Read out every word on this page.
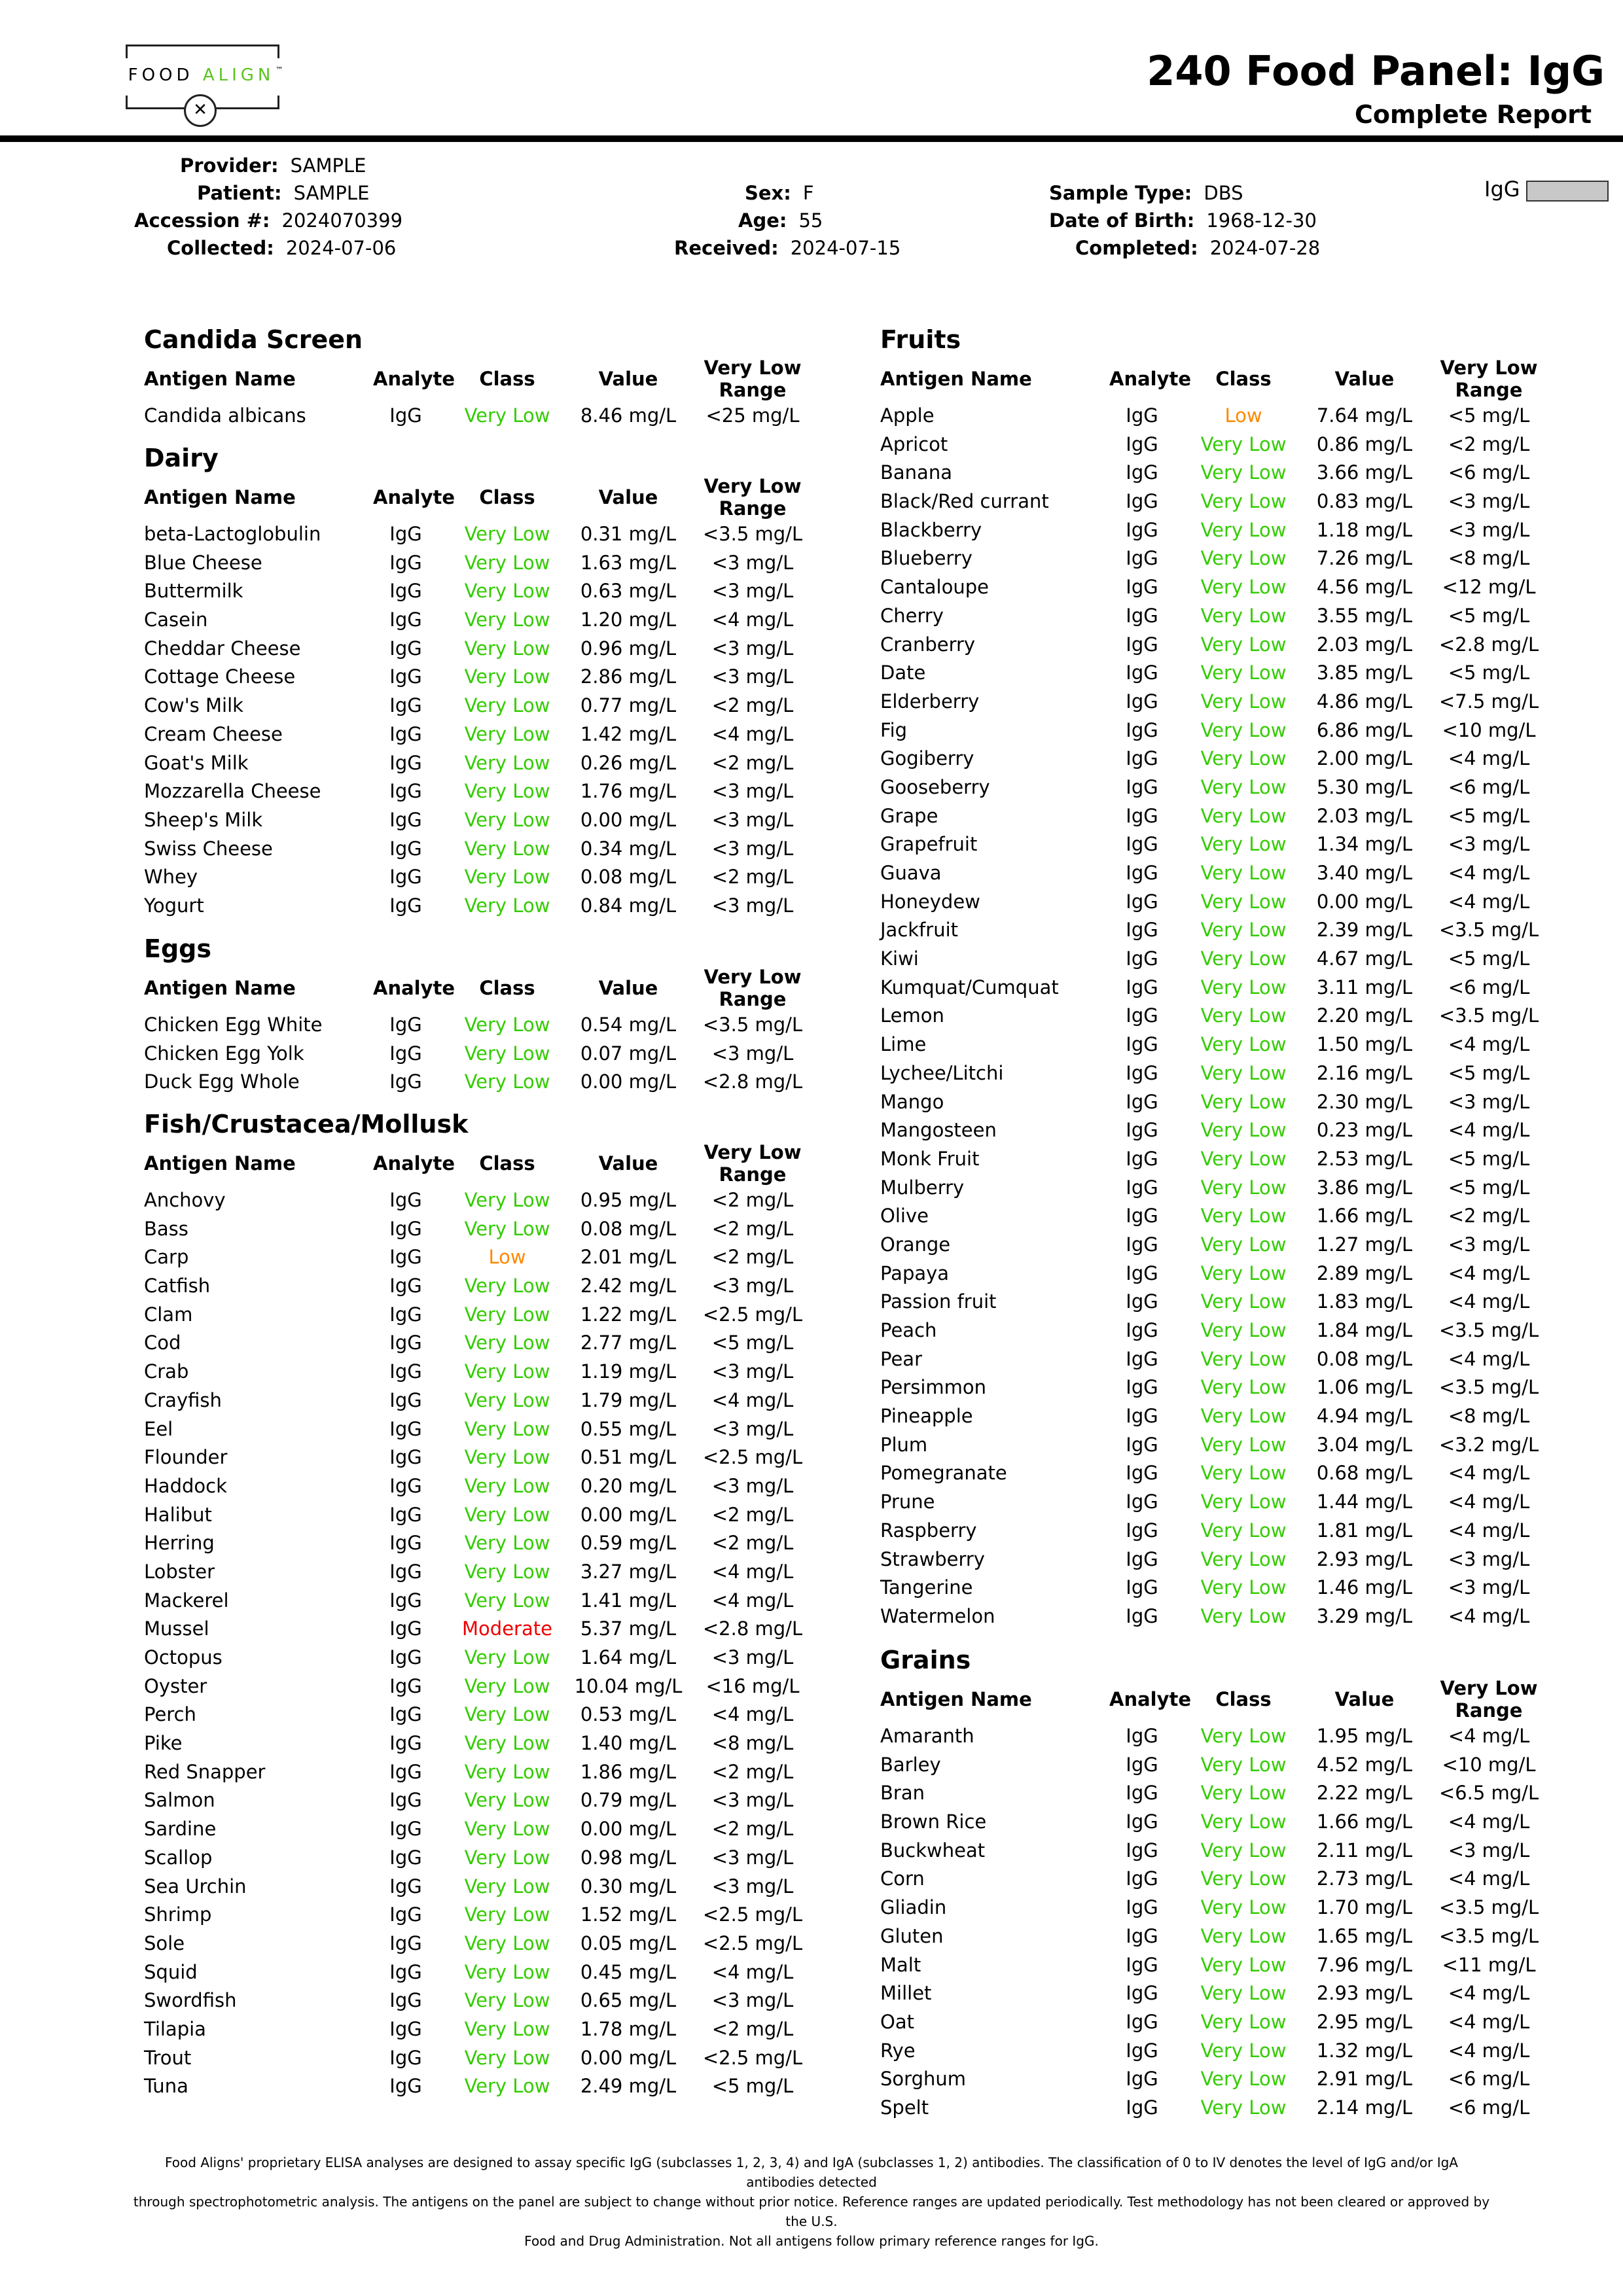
FOOD ALIGN ™
✕
240 Food Panel: IgG
Complete Report
Provider: SAMPLE
Patient: SAMPLE
Accession #: 2024070399
Collected: 2024-07-06
Sex: F
Age: 55
Received: 2024-07-15
Sample Type: DBS
Date of Birth: 1968-12-30
Completed: 2024-07-28
IgG
Candida Screen
Antigen Name	Analyte	Class	Value	Very Low
Range
Candida albicans	IgG	Very Low	8.46 mg/L	<25 mg/L
Dairy
Antigen Name	Analyte	Class	Value	Very Low
Range
beta-Lactoglobulin	IgG	Very Low	0.31 mg/L	<3.5 mg/L
Blue Cheese	IgG	Very Low	1.63 mg/L	<3 mg/L
Buttermilk	IgG	Very Low	0.63 mg/L	<3 mg/L
Casein	IgG	Very Low	1.20 mg/L	<4 mg/L
Cheddar Cheese	IgG	Very Low	0.96 mg/L	<3 mg/L
Cottage Cheese	IgG	Very Low	2.86 mg/L	<3 mg/L
Cow's Milk	IgG	Very Low	0.77 mg/L	<2 mg/L
Cream Cheese	IgG	Very Low	1.42 mg/L	<4 mg/L
Goat's Milk	IgG	Very Low	0.26 mg/L	<2 mg/L
Mozzarella Cheese	IgG	Very Low	1.76 mg/L	<3 mg/L
Sheep's Milk	IgG	Very Low	0.00 mg/L	<3 mg/L
Swiss Cheese	IgG	Very Low	0.34 mg/L	<3 mg/L
Whey	IgG	Very Low	0.08 mg/L	<2 mg/L
Yogurt	IgG	Very Low	0.84 mg/L	<3 mg/L
Eggs
Antigen Name	Analyte	Class	Value	Very Low
Range
Chicken Egg White	IgG	Very Low	0.54 mg/L	<3.5 mg/L
Chicken Egg Yolk	IgG	Very Low	0.07 mg/L	<3 mg/L
Duck Egg Whole	IgG	Very Low	0.00 mg/L	<2.8 mg/L
Fish/Crustacea/Mollusk
Antigen Name	Analyte	Class	Value	Very Low
Range
Anchovy	IgG	Very Low	0.95 mg/L	<2 mg/L
Bass	IgG	Very Low	0.08 mg/L	<2 mg/L
Carp	IgG	Low	2.01 mg/L	<2 mg/L
Catfish	IgG	Very Low	2.42 mg/L	<3 mg/L
Clam	IgG	Very Low	1.22 mg/L	<2.5 mg/L
Cod	IgG	Very Low	2.77 mg/L	<5 mg/L
Crab	IgG	Very Low	1.19 mg/L	<3 mg/L
Crayfish	IgG	Very Low	1.79 mg/L	<4 mg/L
Eel	IgG	Very Low	0.55 mg/L	<3 mg/L
Flounder	IgG	Very Low	0.51 mg/L	<2.5 mg/L
Haddock	IgG	Very Low	0.20 mg/L	<3 mg/L
Halibut	IgG	Very Low	0.00 mg/L	<2 mg/L
Herring	IgG	Very Low	0.59 mg/L	<2 mg/L
Lobster	IgG	Very Low	3.27 mg/L	<4 mg/L
Mackerel	IgG	Very Low	1.41 mg/L	<4 mg/L
Mussel	IgG	Moderate	5.37 mg/L	<2.8 mg/L
Octopus	IgG	Very Low	1.64 mg/L	<3 mg/L
Oyster	IgG	Very Low	10.04 mg/L	<16 mg/L
Perch	IgG	Very Low	0.53 mg/L	<4 mg/L
Pike	IgG	Very Low	1.40 mg/L	<8 mg/L
Red Snapper	IgG	Very Low	1.86 mg/L	<2 mg/L
Salmon	IgG	Very Low	0.79 mg/L	<3 mg/L
Sardine	IgG	Very Low	0.00 mg/L	<2 mg/L
Scallop	IgG	Very Low	0.98 mg/L	<3 mg/L
Sea Urchin	IgG	Very Low	0.30 mg/L	<3 mg/L
Shrimp	IgG	Very Low	1.52 mg/L	<2.5 mg/L
Sole	IgG	Very Low	0.05 mg/L	<2.5 mg/L
Squid	IgG	Very Low	0.45 mg/L	<4 mg/L
Swordfish	IgG	Very Low	0.65 mg/L	<3 mg/L
Tilapia	IgG	Very Low	1.78 mg/L	<2 mg/L
Trout	IgG	Very Low	0.00 mg/L	<2.5 mg/L
Tuna	IgG	Very Low	2.49 mg/L	<5 mg/L
Fruits
Antigen Name	Analyte	Class	Value	Very Low
Range
Apple	IgG	Low	7.64 mg/L	<5 mg/L
Apricot	IgG	Very Low	0.86 mg/L	<2 mg/L
Banana	IgG	Very Low	3.66 mg/L	<6 mg/L
Black/Red currant	IgG	Very Low	0.83 mg/L	<3 mg/L
Blackberry	IgG	Very Low	1.18 mg/L	<3 mg/L
Blueberry	IgG	Very Low	7.26 mg/L	<8 mg/L
Cantaloupe	IgG	Very Low	4.56 mg/L	<12 mg/L
Cherry	IgG	Very Low	3.55 mg/L	<5 mg/L
Cranberry	IgG	Very Low	2.03 mg/L	<2.8 mg/L
Date	IgG	Very Low	3.85 mg/L	<5 mg/L
Elderberry	IgG	Very Low	4.86 mg/L	<7.5 mg/L
Fig	IgG	Very Low	6.86 mg/L	<10 mg/L
Gogiberry	IgG	Very Low	2.00 mg/L	<4 mg/L
Gooseberry	IgG	Very Low	5.30 mg/L	<6 mg/L
Grape	IgG	Very Low	2.03 mg/L	<5 mg/L
Grapefruit	IgG	Very Low	1.34 mg/L	<3 mg/L
Guava	IgG	Very Low	3.40 mg/L	<4 mg/L
Honeydew	IgG	Very Low	0.00 mg/L	<4 mg/L
Jackfruit	IgG	Very Low	2.39 mg/L	<3.5 mg/L
Kiwi	IgG	Very Low	4.67 mg/L	<5 mg/L
Kumquat/Cumquat	IgG	Very Low	3.11 mg/L	<6 mg/L
Lemon	IgG	Very Low	2.20 mg/L	<3.5 mg/L
Lime	IgG	Very Low	1.50 mg/L	<4 mg/L
Lychee/Litchi	IgG	Very Low	2.16 mg/L	<5 mg/L
Mango	IgG	Very Low	2.30 mg/L	<3 mg/L
Mangosteen	IgG	Very Low	0.23 mg/L	<4 mg/L
Monk Fruit	IgG	Very Low	2.53 mg/L	<5 mg/L
Mulberry	IgG	Very Low	3.86 mg/L	<5 mg/L
Olive	IgG	Very Low	1.66 mg/L	<2 mg/L
Orange	IgG	Very Low	1.27 mg/L	<3 mg/L
Papaya	IgG	Very Low	2.89 mg/L	<4 mg/L
Passion fruit	IgG	Very Low	1.83 mg/L	<4 mg/L
Peach	IgG	Very Low	1.84 mg/L	<3.5 mg/L
Pear	IgG	Very Low	0.08 mg/L	<4 mg/L
Persimmon	IgG	Very Low	1.06 mg/L	<3.5 mg/L
Pineapple	IgG	Very Low	4.94 mg/L	<8 mg/L
Plum	IgG	Very Low	3.04 mg/L	<3.2 mg/L
Pomegranate	IgG	Very Low	0.68 mg/L	<4 mg/L
Prune	IgG	Very Low	1.44 mg/L	<4 mg/L
Raspberry	IgG	Very Low	1.81 mg/L	<4 mg/L
Strawberry	IgG	Very Low	2.93 mg/L	<3 mg/L
Tangerine	IgG	Very Low	1.46 mg/L	<3 mg/L
Watermelon	IgG	Very Low	3.29 mg/L	<4 mg/L
Grains
Antigen Name	Analyte	Class	Value	Very Low
Range
Amaranth	IgG	Very Low	1.95 mg/L	<4 mg/L
Barley	IgG	Very Low	4.52 mg/L	<10 mg/L
Bran	IgG	Very Low	2.22 mg/L	<6.5 mg/L
Brown Rice	IgG	Very Low	1.66 mg/L	<4 mg/L
Buckwheat	IgG	Very Low	2.11 mg/L	<3 mg/L
Corn	IgG	Very Low	2.73 mg/L	<4 mg/L
Gliadin	IgG	Very Low	1.70 mg/L	<3.5 mg/L
Gluten	IgG	Very Low	1.65 mg/L	<3.5 mg/L
Malt	IgG	Very Low	7.96 mg/L	<11 mg/L
Millet	IgG	Very Low	2.93 mg/L	<4 mg/L
Oat	IgG	Very Low	2.95 mg/L	<4 mg/L
Rye	IgG	Very Low	1.32 mg/L	<4 mg/L
Sorghum	IgG	Very Low	2.91 mg/L	<6 mg/L
Spelt	IgG	Very Low	2.14 mg/L	<6 mg/L
Food Aligns' proprietary ELISA analyses are designed to assay specific IgG (subclasses 1, 2, 3, 4) and IgA (subclasses 1, 2) antibodies. The classification of 0 to IV denotes the level of IgG and/or IgA antibodies detected
through spectrophotometric analysis. The antigens on the panel are subject to change without prior notice. Reference ranges are updated periodically. Test methodology has not been cleared or approved by the U.S.
Food and Drug Administration. Not all antigens follow primary reference ranges for IgG.
